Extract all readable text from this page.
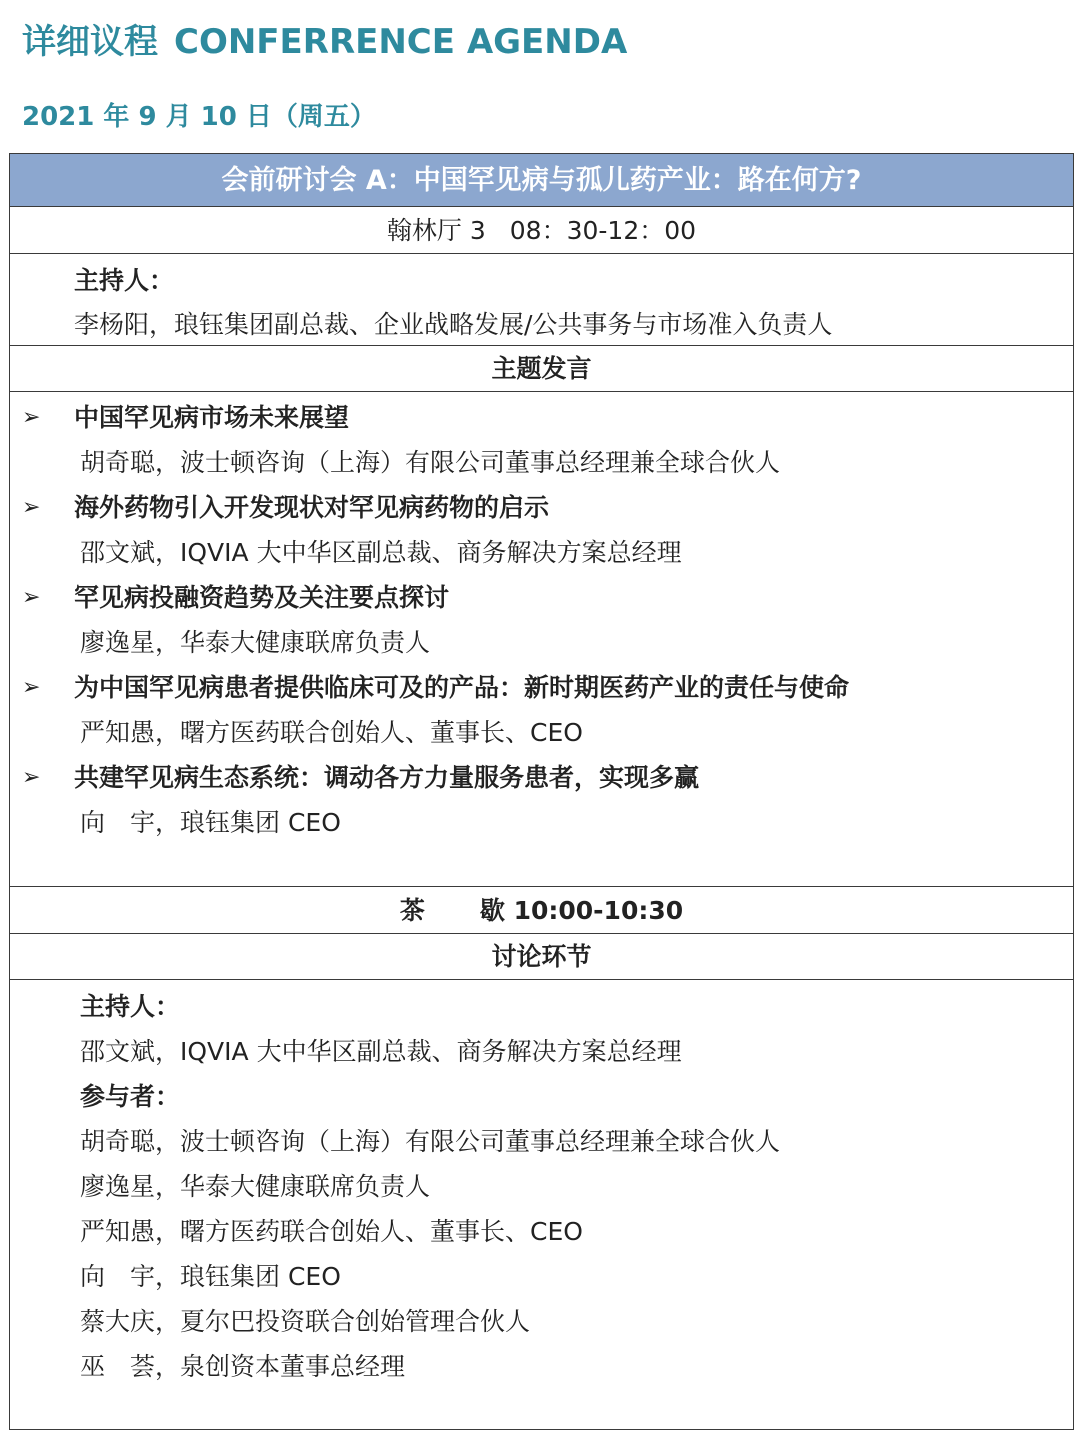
详细议程 CONFERRENCE AGENDA
2021 年 9 月 10 日（周五）
会前研讨会 A：中国罕见病与孤儿药产业：路在何方?
翰林厅 3 08：30-12：00
主持人：
李杨阳，琅钰集团副总裁、企业战略发展/公共事务与市场准入负责人
主题发言
➢ 中国罕见病市场未来展望
胡奇聪，波士顿咨询（上海）有限公司董事总经理兼全球合伙人
➢ 海外药物引入开发现状对罕见病药物的启示
邵文斌，IQVIA 大中华区副总裁、商务解决方案总经理
➢ 罕见病投融资趋势及关注要点探讨
廖逸星，华泰大健康联席负责人
➢ 为中国罕见病患者提供临床可及的产品：新时期医药产业的责任与使命
严知愚，曙方医药联合创始人、董事长、CEO
➢ 共建罕见病生态系统：调动各方力量服务患者，实现多赢
向　宇，琅钰集团 CEO
茶 歇 10:00-10:30
讨论环节
主持人：
邵文斌，IQVIA 大中华区副总裁、商务解决方案总经理
参与者：
胡奇聪，波士顿咨询（上海）有限公司董事总经理兼全球合伙人
廖逸星，华泰大健康联席负责人
严知愚，曙方医药联合创始人、董事长、CEO
向　宇，琅钰集团 CEO
蔡大庆，夏尔巴投资联合创始管理合伙人
巫　荟，泉创资本董事总经理
